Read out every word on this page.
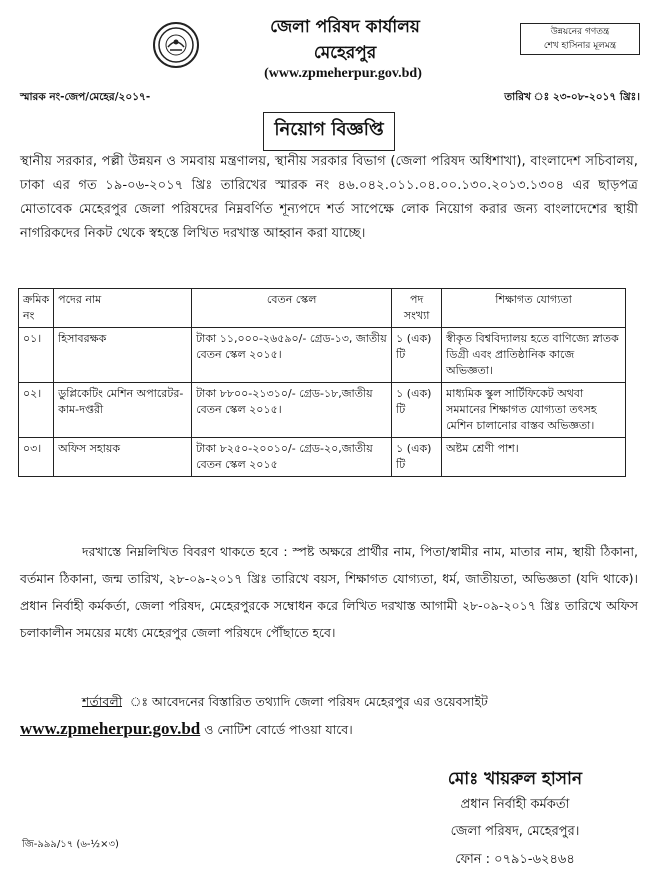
জেলা পরিষদ কার্যালয়
মেহেরপুর
(www.zpmeherpur.gov.bd)
উন্নয়নের গণতন্ত্র
শেখ হাসিনার মূলমন্ত্র
স্মারক নং-জেপ/মেহের/২০১৭-	তারিখ ঃ ২৩-০৮-২০১৭ খ্রিঃ।
নিয়োগ বিজ্ঞপ্তি

স্থানীয় সরকার, পল্লী উন্নয়ন ও সমবায় মন্ত্রণালয়, স্থানীয় সরকার বিভাগ (জেলা পরিষদ অধিশাখা), বাংলাদেশ সচিবালয়, ঢাকা এর গত ১৯-০৬-২০১৭ খ্রিঃ তারিখের স্মারক নং ৪৬.০৪২.০১১.০৪.০০.১৩০.২০১৩.১৩০৪ এর ছাড়পত্র মোতাবেক মেহেরপুর জেলা পরিষদের নিম্নবর্ণিত শূন্যপদে শর্ত সাপেক্ষে লোক নিয়োগ করার জন্য বাংলাদেশের স্থায়ী নাগরিকদের নিকট থেকে স্বহস্তে লিখিত দরখাস্ত আহ্বান করা যাচ্ছে।

ক্রমিক নং	পদের নাম	বেতন স্কেল	পদ সংখ্যা	শিক্ষাগত যোগ্যতা
০১।	হিসাবরক্ষক	টাকা ১১,০০০-২৬৫৯০/- গ্রেড-১৩, জাতীয় বেতন স্কেল ২০১৫।	১ (এক) টি	স্বীকৃত বিশ্ববিদ্যালয় হতে বাণিজ্যে স্নাতক ডিগ্রী এবং প্রাতিষ্ঠানিক কাজে অভিজ্ঞতা।
০২।	ডুপ্লিকেটিং মেশিন অপারেটর-কাম-দপ্তরী	টাকা ৮৮০০-২১৩১০/- গ্রেড-১৮,জাতীয় বেতন স্কেল ২০১৫।	১ (এক) টি	মাধ্যমিক স্কুল সার্টিফিকেট অথবা সমমানের শিক্ষাগত যোগ্যতা তৎসহ মেশিন চালানোর বাস্তব অভিজ্ঞতা।
০৩।	অফিস সহায়ক	টাকা ৮২৫০-২০০১০/- গ্রেড-২০,জাতীয় বেতন স্কেল ২০১৫	১ (এক) টি	অষ্টম শ্রেণী পাশ।

দরখাস্তে নিম্নলিখিত বিবরণ থাকতে হবে : স্পষ্ট অক্ষরে প্রার্থীর নাম, পিতা/স্বামীর নাম, মাতার নাম, স্থায়ী ঠিকানা, বর্তমান ঠিকানা, জন্ম তারিখ, ২৮-০৯-২০১৭ খ্রিঃ তারিখে বয়স, শিক্ষাগত যোগ্যতা, ধর্ম, জাতীয়তা, অভিজ্ঞতা (যদি থাকে)। প্রধান নির্বাহী কর্মকর্তা, জেলা পরিষদ, মেহেরপুরকে সম্বোধন করে লিখিত দরখাস্ত আগামী ২৮-০৯-২০১৭ খ্রিঃ তারিখে অফিস চলাকালীন সময়ের মধ্যে মেহেরপুর জেলা পরিষদে পৌঁছাতে হবে।

শর্তাবলী ঃ আবেদনের বিস্তারিত তথ্যাদি জেলা পরিষদ মেহেরপুর এর ওয়েবসাইট
www.zpmeherpur.gov.bd ও নোটিশ বোর্ডে পাওয়া যাবে।

মোঃ খায়রুল হাসান
প্রধান নির্বাহী কর্মকর্তা
জেলা পরিষদ, মেহেরপুর।
ফোন : ০৭৯১-৬২৪৬৪
জি-৯৯৯/১৭ (৬-½×৩)
